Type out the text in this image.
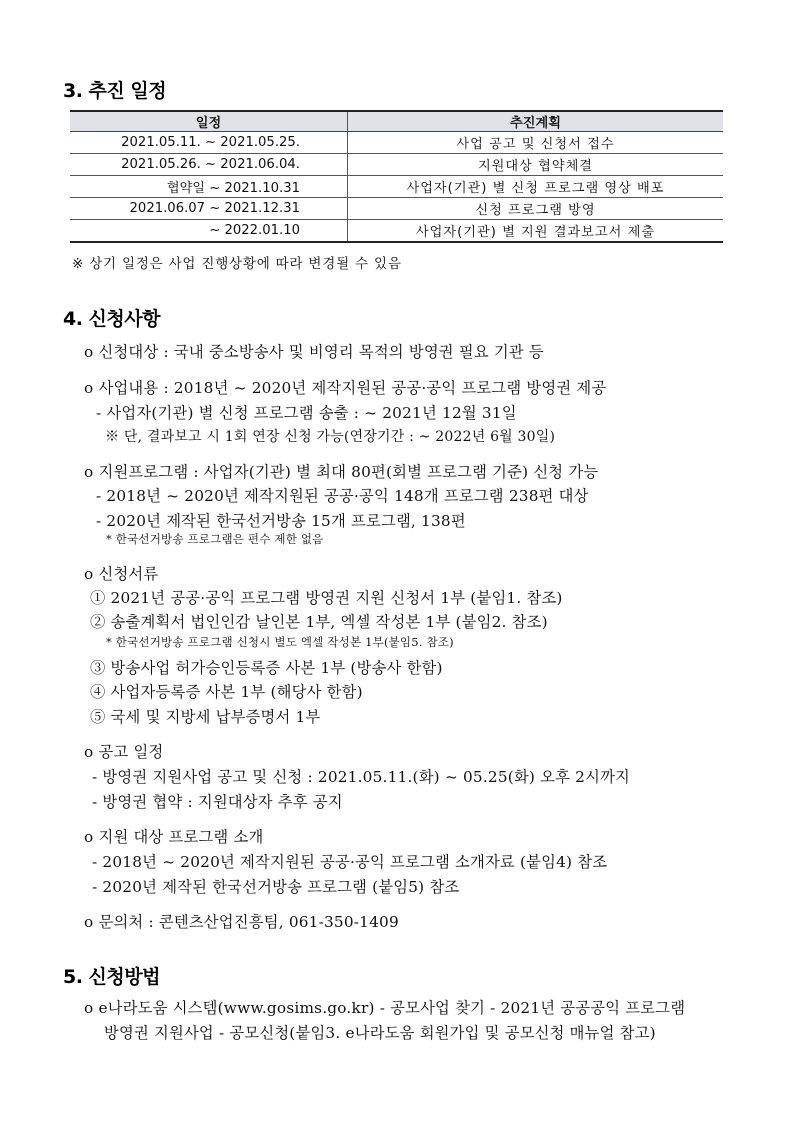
3. 추진 일정
일정	추진계획
2021.05.11. ~ 2021.05.25.	사업 공고 및 신청서 접수
2021.05.26. ~ 2021.06.04.	지원대상 협약체결
협약일 ~ 2021.10.31	사업자(기관) 별 신청 프로그램 영상 배포
2021.06.07 ~ 2021.12.31	신청 프로그램 방영
~ 2022.01.10	사업자(기관) 별 지원 결과보고서 제출
※ 상기 일정은 사업 진행상황에 따라 변경될 수 있음
4. 신청사항
o 신청대상 : 국내 중소방송사 및 비영리 목적의 방영권 필요 기관 등
o 사업내용 : 2018년 ~ 2020년 제작지원된 공공·공익 프로그램 방영권 제공
- 사업자(기관) 별 신청 프로그램 송출 : ~ 2021년 12월 31일
※ 단, 결과보고 시 1회 연장 신청 가능(연장기간 : ~ 2022년 6월 30일)
o 지원프로그램 : 사업자(기관) 별 최대 80편(회별 프로그램 기준) 신청 가능
- 2018년 ~ 2020년 제작지원된 공공·공익 148개 프로그램 238편 대상
- 2020년 제작된 한국선거방송 15개 프로그램, 138편
* 한국선거방송 프로그램은 편수 제한 없음
o 신청서류
① 2021년 공공·공익 프로그램 방영권 지원 신청서 1부 (붙임1. 참조)
② 송출계획서 법인인감 날인본 1부, 엑셀 작성본 1부 (붙임2. 참조)
* 한국선거방송 프로그램 신청시 별도 엑셀 작성본 1부(붙임5. 참조)
③ 방송사업 허가승인등록증 사본 1부 (방송사 한함)
④ 사업자등록증 사본 1부 (해당사 한함)
⑤ 국세 및 지방세 납부증명서 1부
o 공고 일정
- 방영권 지원사업 공고 및 신청 : 2021.05.11.(화) ~ 05.25(화) 오후 2시까지
- 방영권 협약 : 지원대상자 추후 공지
o 지원 대상 프로그램 소개
- 2018년 ~ 2020년 제작지원된 공공·공익 프로그램 소개자료 (붙임4) 참조
- 2020년 제작된 한국선거방송 프로그램 (붙임5) 참조
o 문의처 : 콘텐츠산업진흥팀, 061-350-1409
5. 신청방법
o e나라도움 시스템(www.gosims.go.kr) - 공모사업 찾기 - 2021년 공공공익 프로그램
방영권 지원사업 - 공모신청(붙임3. e나라도움 회원가입 및 공모신청 매뉴얼 참고)
